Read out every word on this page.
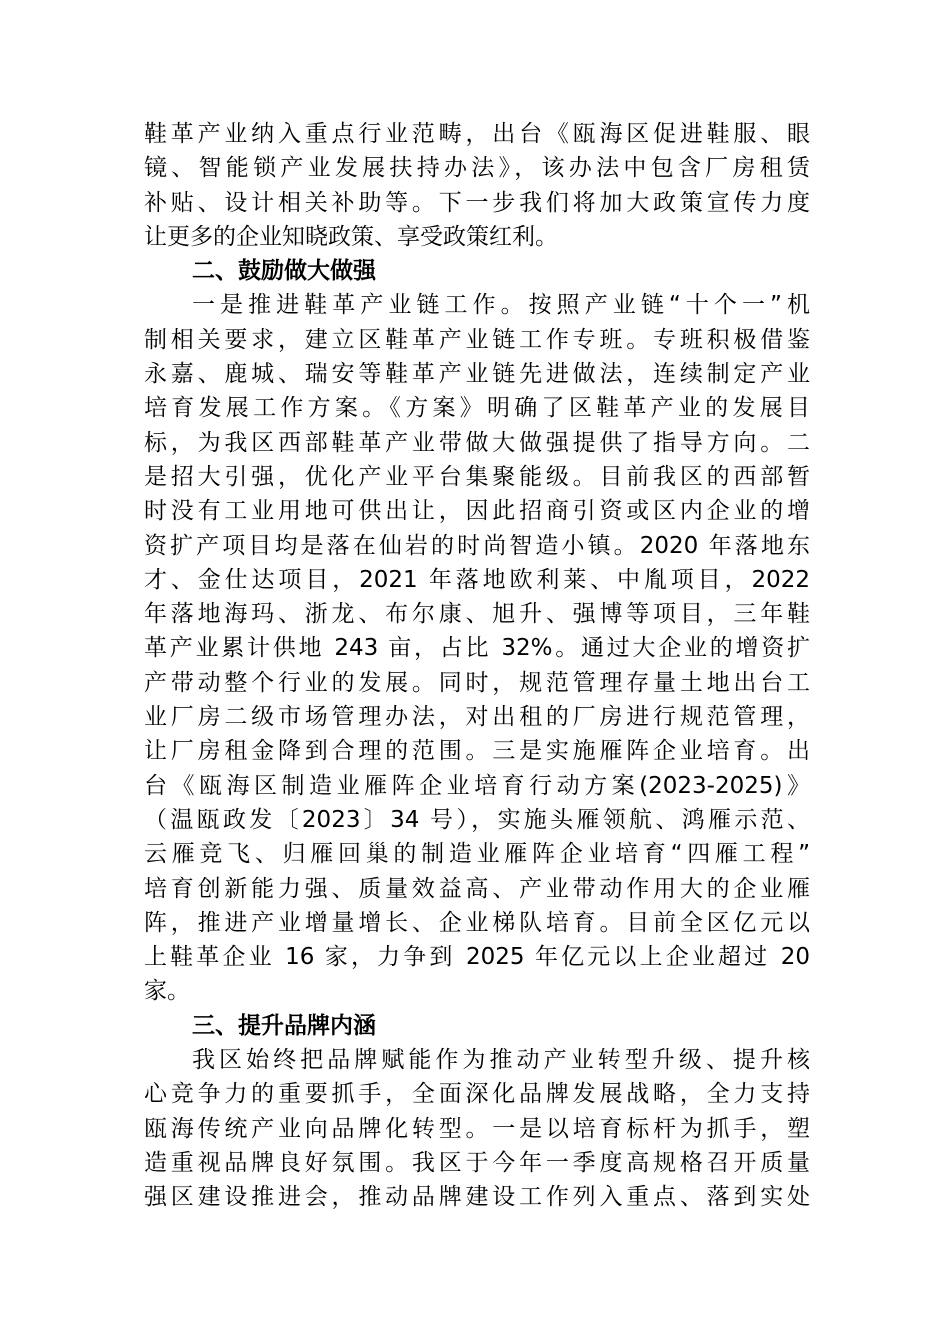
鞋革产业纳入重点行业范畴，出台《瓯海区促进鞋服、眼
镜、智能锁产业发展扶持办法》，该办法中包含厂房租赁
补贴、设计相关补助等。下一步我们将加大政策宣传力度
让更多的企业知晓政策、享受政策红利。
二、鼓励做大做强
一是推进鞋革产业链工作。按照产业链“十个一”机
制相关要求，建立区鞋革产业链工作专班。专班积极借鉴
永嘉、鹿城、瑞安等鞋革产业链先进做法，连续制定产业
培育发展工作方案。《方案》明确了区鞋革产业的发展目
标，为我区西部鞋革产业带做大做强提供了指导方向。二
是招大引强，优化产业平台集聚能级。目前我区的西部暂
时没有工业用地可供出让，因此招商引资或区内企业的增
资扩产项目均是落在仙岩的时尚智造小镇。2020 年落地东
才、金仕达项目，2021 年落地欧利莱、中胤项目，2022
年落地海玛、浙龙、布尔康、旭升、强博等项目，三年鞋
革产业累计供地 243 亩，占比 32%。通过大企业的增资扩
产带动整个行业的发展。同时，规范管理存量土地出台工
业厂房二级市场管理办法，对出租的厂房进行规范管理，
让厂房租金降到合理的范围。三是实施雁阵企业培育。出
台《瓯海区制造业雁阵企业培育行动方案(2023-2025)》
（温瓯政发〔2023〕34 号），实施头雁领航、鸿雁示范、
云雁竞飞、归雁回巢的制造业雁阵企业培育“四雁工程”
培育创新能力强、质量效益高、产业带动作用大的企业雁
阵，推进产业增量增长、企业梯队培育。目前全区亿元以
上鞋革企业 16 家，力争到 2025 年亿元以上企业超过 20
家。
三、提升品牌内涵
我区始终把品牌赋能作为推动产业转型升级、提升核
心竞争力的重要抓手，全面深化品牌发展战略，全力支持
瓯海传统产业向品牌化转型。一是以培育标杆为抓手，塑
造重视品牌良好氛围。我区于今年一季度高规格召开质量
强区建设推进会，推动品牌建设工作列入重点、落到实处
